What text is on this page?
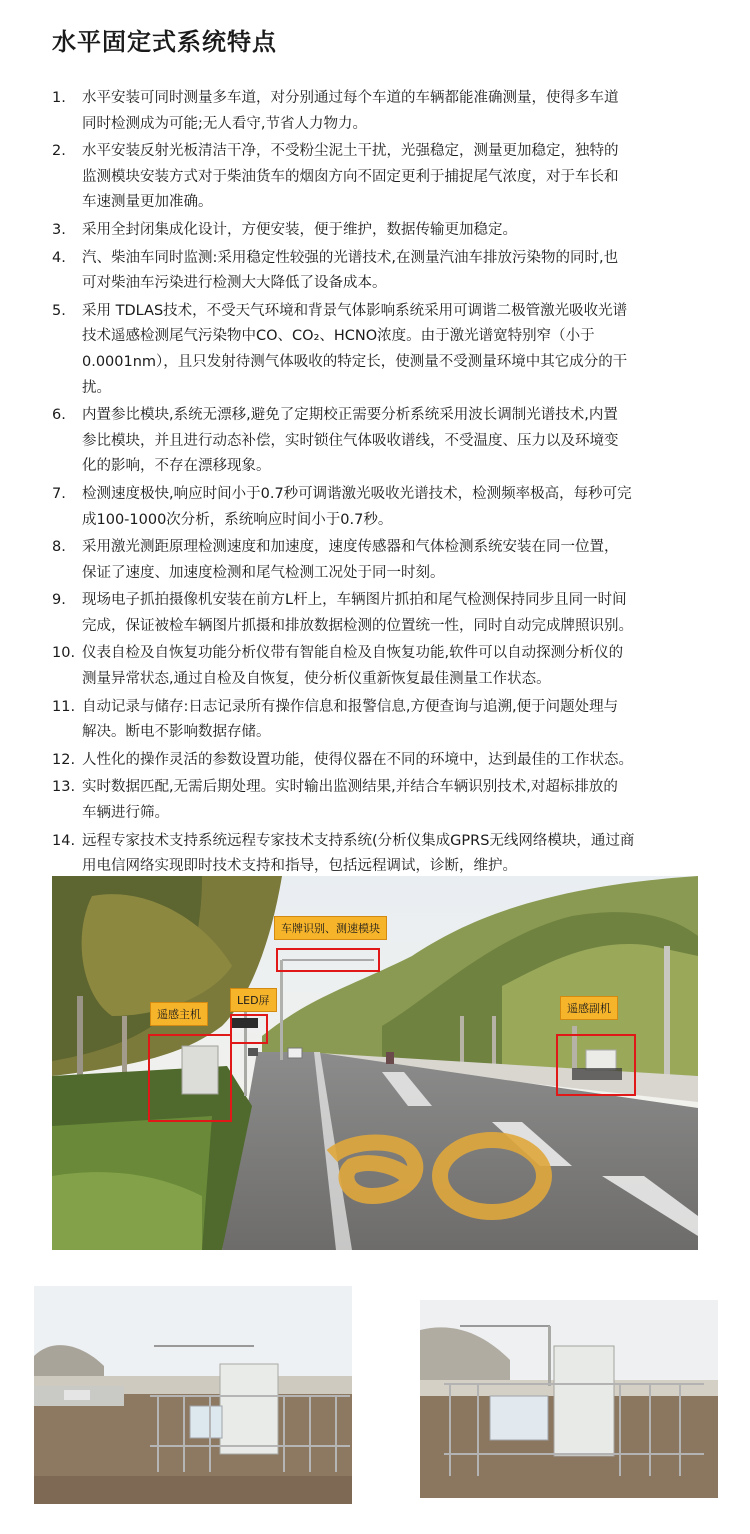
水平固定式系统特点
1.	水平安装可同时测量多车道，对分别通过每个车道的车辆都能准确测量，使得多车道
同时检测成为可能;无人看守,节省人力物力。
2.	水平安装反射光板清洁干净，不受粉尘泥土干扰，光强稳定，测量更加稳定，独特的
监测模块安装方式对于柴油货车的烟囱方向不固定更利于捕捉尾气浓度，对于车长和
车速测量更加准确。
3.	采用全封闭集成化设计，方便安装，便于维护，数据传输更加稳定。
4.	汽、柴油车同时监测:采用稳定性较强的光谱技术,在测量汽油车排放污染物的同时,也
可对柴油车污染进行检测大大降低了设备成本。
5.	采用 TDLAS技术，不受天气环境和背景气体影响系统采用可调谐二极管激光吸收光谱
技术遥感检测尾气污染物中CO、CO₂、HCNO浓度。由于激光谱宽特别窄（小于
0.0001nm），且只发射待测气体吸收的特定长，使测量不受测量环境中其它成分的干
扰。
6.	内置参比模块,系统无漂移,避免了定期校正需要分析系统采用波长调制光谱技术,内置
参比模块，并且进行动态补偿，实时锁住气体吸收谱线，不受温度、压力以及环境变
化的影响，不存在漂移现象。
7.	检测速度极快,响应时间小于0.7秒可调谐激光吸收光谱技术，检测频率极高，每秒可完
成100-1000次分析，系统响应时间小于0.7秒。
8.	采用激光测距原理检测速度和加速度，速度传感器和气体检测系统安装在同一位置，
保证了速度、加速度检测和尾气检测工况处于同一时刻。
9.	现场电子抓拍摄像机安装在前方L杆上，车辆图片抓拍和尾气检测保持同步且同一时间
完成，保证被检车辆图片抓摄和排放数据检测的位置统一性，同时自动完成牌照识别。
10. 仪表自检及自恢复功能分析仪带有智能自检及自恢复功能,软件可以自动探测分析仪的
测量异常状态,通过自检及自恢复，使分析仪重新恢复最佳测量工作状态。
11. 自动记录与储存:日志记录所有操作信息和报警信息,方便查询与追溯,便于问题处理与
解决。断电不影响数据存储。
12. 人性化的操作灵活的参数设置功能，使得仪器在不同的环境中，达到最佳的工作状态。
13. 实时数据匹配,无需后期处理。实时输出监测结果,并结合车辆识别技术,对超标排放的
车辆进行筛。
14. 远程专家技术支持系统远程专家技术支持系统(分析仪集成GPRS无线网络模块，通过商
用电信网络实现即时技术支持和指导，包括远程调试，诊断，维护。
车牌识别、测速模块
LED屏
遥感主机	遥感副机
